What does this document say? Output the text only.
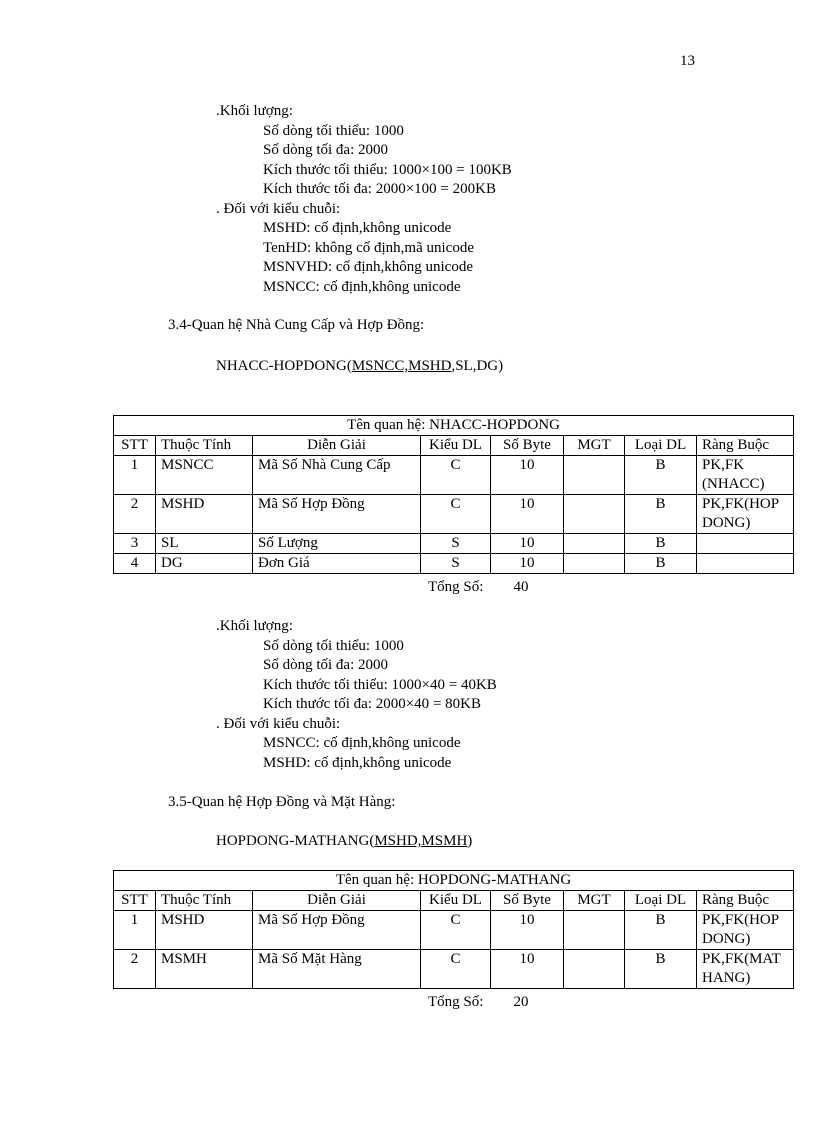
13
.Khối lượng:
Số dòng tối thiểu: 1000
Số dòng tối đa: 2000
Kích thước tối thiểu: 1000×100 = 100KB
Kích thước tối đa: 2000×100 = 200KB
. Đối với kiểu chuỗi:
MSHD: cố định,không unicode
TenHD: không cố định,mã unicode
MSNVHD: cố định,không unicode
MSNCC: cố định,không unicode
3.4-Quan hệ Nhà Cung Cấp và Hợp Đồng:
NHACC-HOPDONG(MSNCC,MSHD,SL,DG)
Tên quan hệ: NHACC-HOPDONG							
STT	Thuộc Tính	Diễn Giải	Kiểu DL	Số Byte	MGT	Loại DL	Ràng Buộc
1	MSNCC	Mã Số Nhà Cung Cấp	C	10		B	PK,FK (NHACC)
2	MSHD	Mã Số Hợp Đồng	C	10		B	PK,FK(HOPDONG)
3	SL	Số Lượng	S	10		B	
4	DG	Đơn Giá	S	10		B	
Tổng Số: 40
.Khối lượng:
Số dòng tối thiểu: 1000
Số dòng tối đa: 2000
Kích thước tối thiểu: 1000×40 = 40KB
Kích thước tối đa: 2000×40 = 80KB
. Đối với kiểu chuỗi:
MSNCC: cố định,không unicode
MSHD: cố định,không unicode
3.5-Quan hệ Hợp Đồng và Mặt Hàng:
HOPDONG-MATHANG(MSHD,MSMH)
Tên quan hệ: HOPDONG-MATHANG							
STT	Thuộc Tính	Diễn Giải	Kiểu DL	Số Byte	MGT	Loại DL	Ràng Buộc
1	MSHD	Mã Số Hợp Đồng	C	10		B	PK,FK(HOPDONG)
2	MSMH	Mã Số Mặt Hàng	C	10		B	PK,FK(MATHANG)
Tổng Số: 20
